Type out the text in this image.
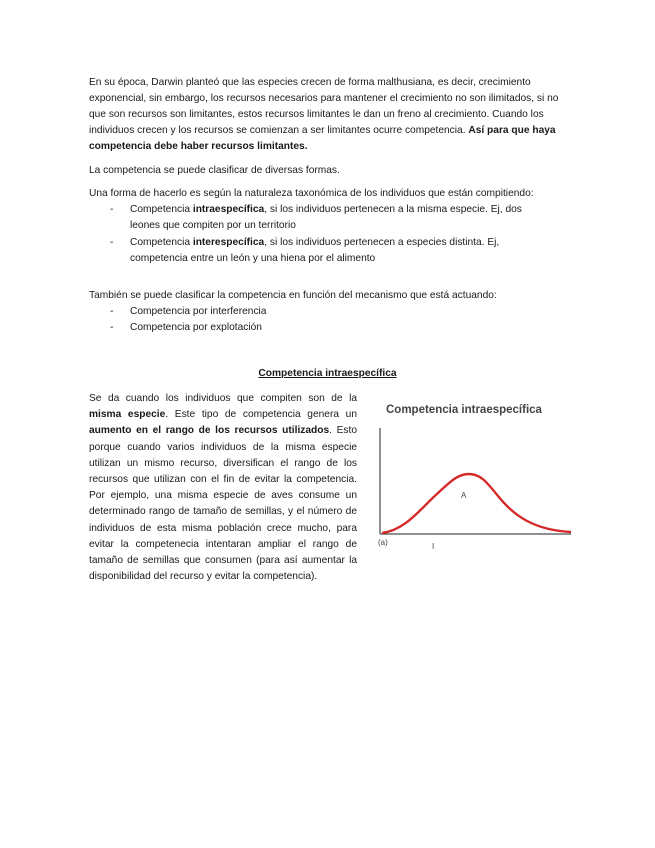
En su época, Darwin planteó que las especies crecen de forma malthusiana, es decir, crecimiento exponencial, sin embargo, los recursos necesarios para mantener el crecimiento no son ilimitados, si no que son recursos son limitantes, estos recursos limitantes le dan un freno al crecimiento. Cuando los individuos crecen y los recursos se comienzan a ser limitantes ocurre competencia. Así para que haya competencia debe haber recursos limitantes.
La competencia se puede clasificar de diversas formas.
Una forma de hacerlo es según la naturaleza taxonómica de los individuos que están compitiendo:
- Competencia intraespecífica, si los individuos pertenecen a la misma especie. Ej, dos leones que compiten por un territorio
- Competencia interespecífica, si los individuos pertenecen a especies distinta. Ej, competencia entre un león y una hiena por el alimento
También se puede clasificar la competencia en función del mecanismo que está actuando:
- Competencia por interferencia
- Competencia por explotación
Competencia intraespecífica
Se da cuando los individuos que compiten son de la misma especie. Este tipo de competencia genera un aumento en el rango de los recursos utilizados. Esto porque cuando varios individuos de la misma especie utilizan un mismo recurso, diversifican el rango de los recursos que utilizan con el fin de evitar la competencia. Por ejemplo, una misma especie de aves consume un determinado rango de tamaño de semillas, y el número de individuos de esta misma población crece mucho, para evitar la competenecia intentaran ampliar el rango de tamaño de semillas que consumen (para así aumentar la disponibilidad del recurso y evitar la competencia).
Competencia intraespecífica
A
(a)	I
